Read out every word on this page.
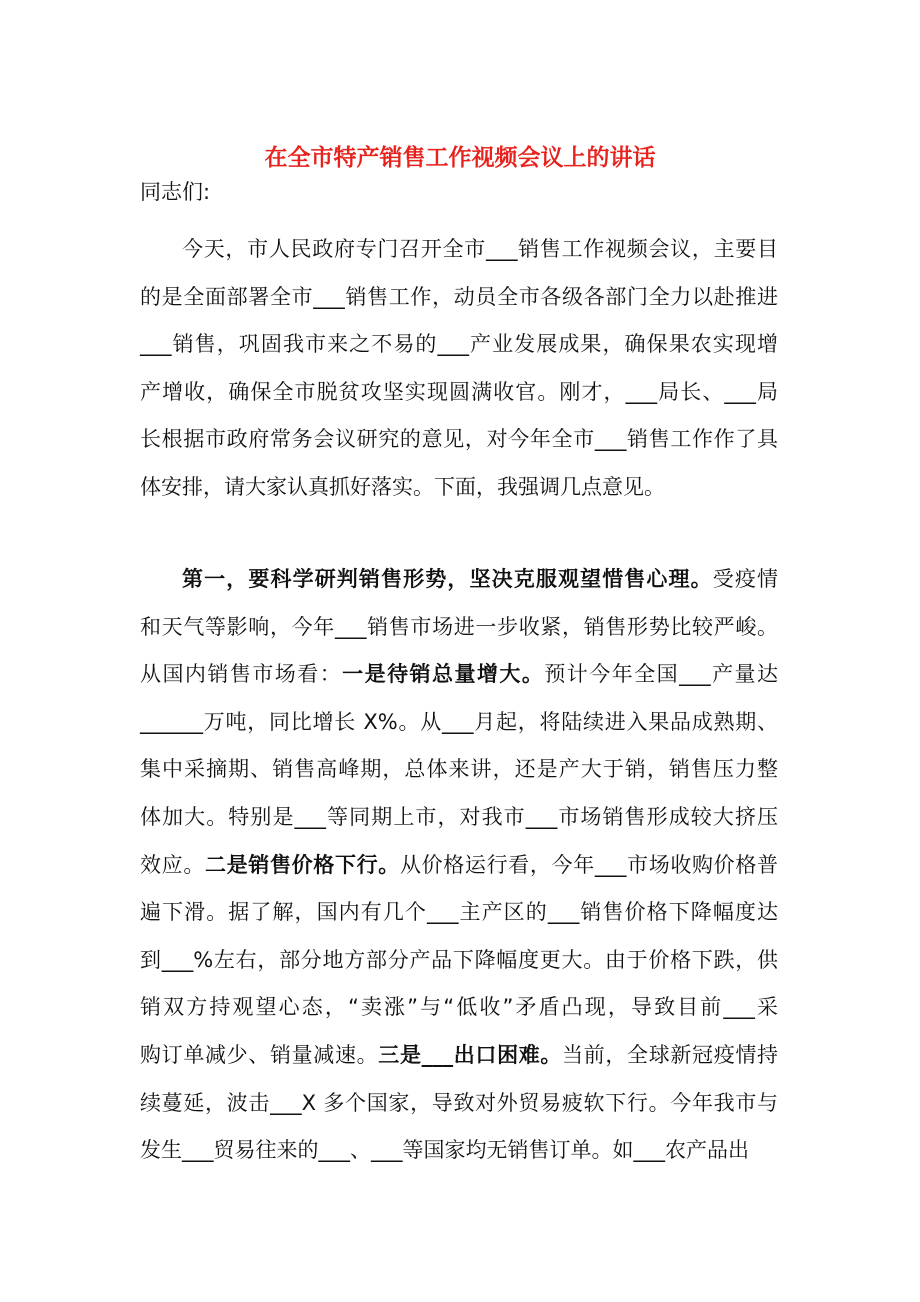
在全市特产销售工作视频会议上的讲话
同志们:
今天，市人民政府专门召开全市___销售工作视频会议，主要目
的是全面部署全市___销售工作，动员全市各级各部门全力以赴推进
___销售，巩固我市来之不易的___产业发展成果，确保果农实现增
产增收，确保全市脱贫攻坚实现圆满收官。刚才，___局长、___局
长根据市政府常务会议研究的意见，对今年全市___销售工作作了具
体安排，请大家认真抓好落实。下面，我强调几点意见。
第一，要科学研判销售形势，坚决克服观望惜售心理。受疫情
和天气等影响，今年___销售市场进一步收紧，销售形势比较严峻。
从国内销售市场看：一是待销总量增大。预计今年全国___产量达
______万吨，同比增长 X%。从___月起，将陆续进入果品成熟期、
集中采摘期、销售高峰期，总体来讲，还是产大于销，销售压力整
体加大。特别是___等同期上市，对我市___市场销售形成较大挤压
效应。二是销售价格下行。从价格运行看，今年___市场收购价格普
遍下滑。据了解，国内有几个___主产区的___销售价格下降幅度达
到___%左右，部分地方部分产品下降幅度更大。由于价格下跌，供
销双方持观望心态，“卖涨”与“低收”矛盾凸现，导致目前___采
购订单减少、销量减速。三是___出口困难。当前，全球新冠疫情持
续蔓延，波击___X 多个国家，导致对外贸易疲软下行。今年我市与
发生___贸易往来的___、___等国家均无销售订单。如___农产品出
